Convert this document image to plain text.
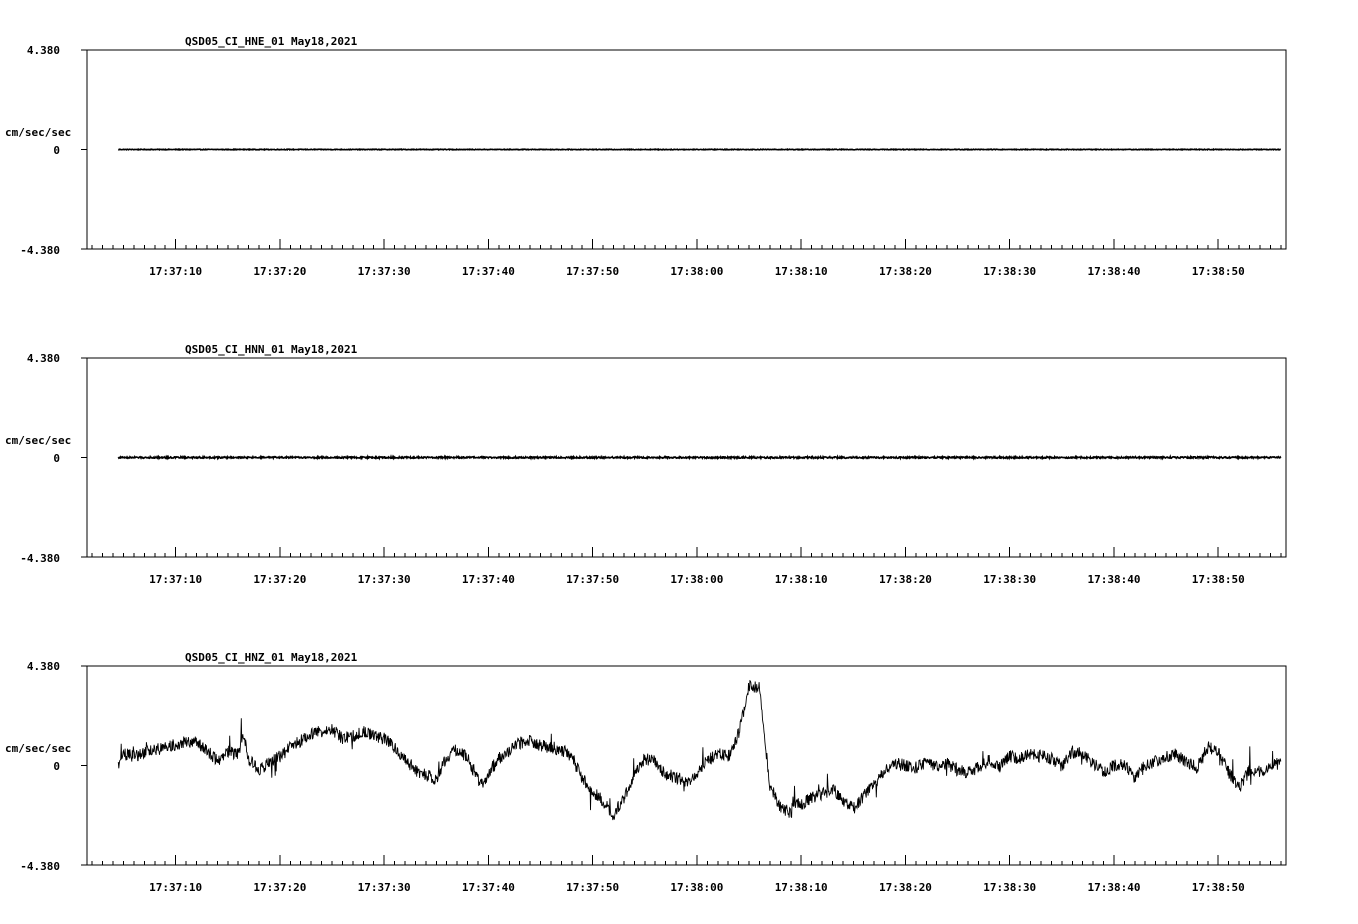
QSD05_CI_HNE_01 May18,2021
cm/sec/sec
4.380
0
-4.380
17:37:10	17:37:20	17:37:30	17:37:40	17:37:50	17:38:00	17:38:10	17:38:20	17:38:30	17:38:40	17:38:50
QSD05_CI_HNN_01 May18,2021
cm/sec/sec
4.380
0
-4.380
17:37:10	17:37:20	17:37:30	17:37:40	17:37:50	17:38:00	17:38:10	17:38:20	17:38:30	17:38:40	17:38:50
QSD05_CI_HNZ_01 May18,2021
cm/sec/sec
4.380
0
-4.380
17:37:10	17:37:20	17:37:30	17:37:40	17:37:50	17:38:00	17:38:10	17:38:20	17:38:30	17:38:40	17:38:50
